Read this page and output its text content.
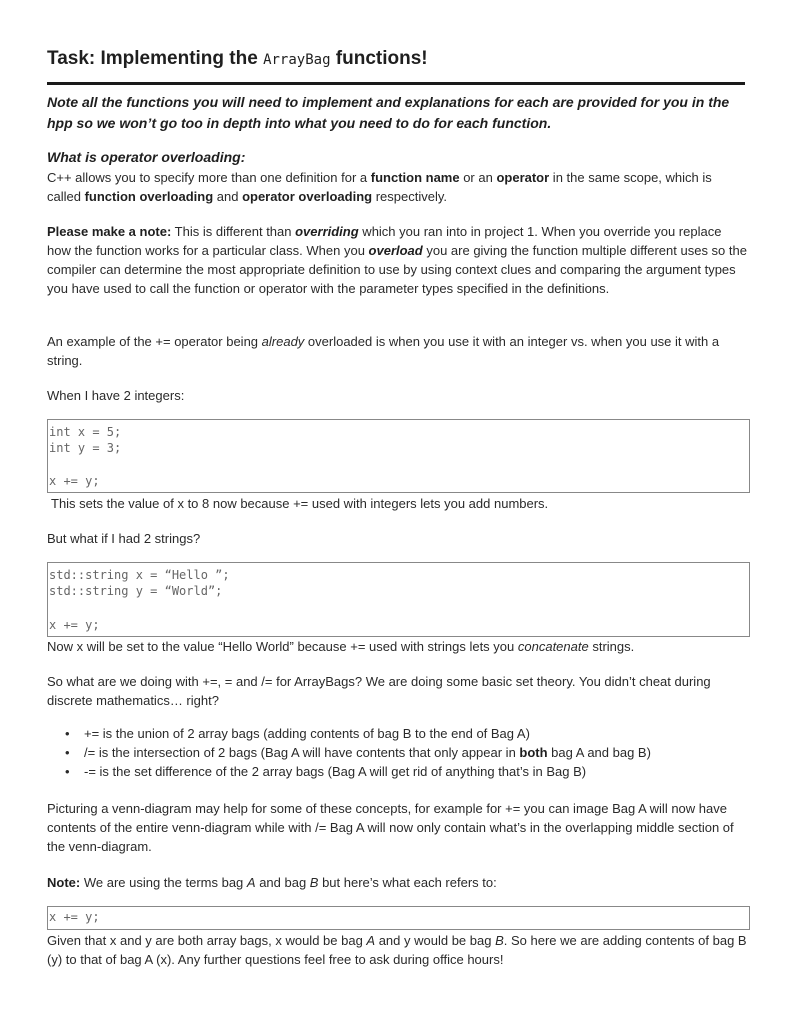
Task: Implementing the ArrayBag functions!
Note all the functions you will need to implement and explanations for each are provided for you in the hpp so we won’t go too in depth into what you need to do for each function.
What is operator overloading:
C++ allows you to specify more than one definition for a function name or an operator in the same scope, which is called function overloading and operator overloading respectively.
Please make a note: This is different than overriding which you ran into in project 1. When you override you replace how the function works for a particular class. When you overload you are giving the function multiple different uses so the compiler can determine the most appropriate definition to use by using context clues and comparing the argument types you have used to call the function or operator with the parameter types specified in the definitions.
An example of the += operator being already overloaded is when you use it with an integer vs. when you use it with a string.
When I have 2 integers:
int x = 5;
int y = 3;
x += y;
This sets the value of x to 8 now because += used with integers lets you add numbers.
But what if I had 2 strings?
std::string x = “Hello ”;
std::string y = “World”;
x += y;
Now x will be set to the value “Hello World” because += used with strings lets you concatenate strings.
So what are we doing with +=, = and /= for ArrayBags? We are doing some basic set theory. You didn’t cheat during discrete mathematics… right?
• += is the union of 2 array bags (adding contents of bag B to the end of Bag A)
• /= is the intersection of 2 bags (Bag A will have contents that only appear in both bag A and bag B)
• -= is the set difference of the 2 array bags (Bag A will get rid of anything that’s in Bag B)
Picturing a venn-diagram may help for some of these concepts, for example for += you can image Bag A will now have contents of the entire venn-diagram while with /= Bag A will now only contain what’s in the overlapping middle section of the venn-diagram.
Note: We are using the terms bag A and bag B but here’s what each refers to:
x += y;
Given that x and y are both array bags, x would be bag A and y would be bag B. So here we are adding contents of bag B (y) to that of bag A (x). Any further questions feel free to ask during office hours!
